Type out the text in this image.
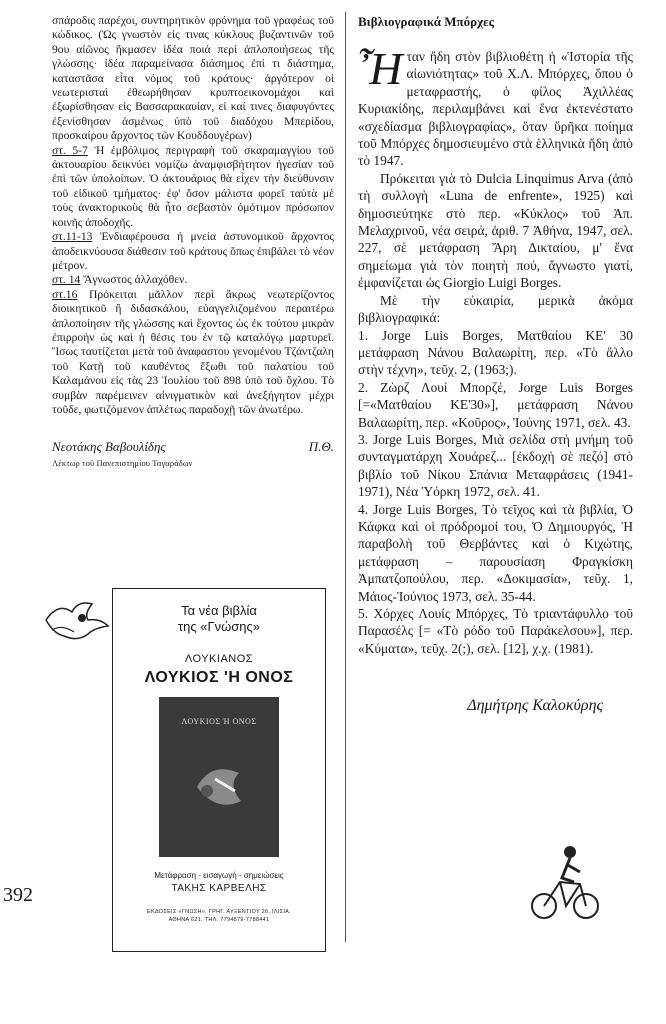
σπάροδις παρέχοι, συντηρητικὸν φρόνημα τοῦ γραφέως τοῦ κώδικος. (Ὡς γνωστὸν εἰς τινας κύκλους βυζαντινῶν τοῦ 9ου αἰῶνος ἤκμασεν ἰδέα ποιά περὶ ἀπλοποιήσεως τῆς γλώσσης· ἰδέα παραμείνασα διάσημος ἐπί τι διάστημα, καταστᾶσα εἶτα νόμος τοῦ κράτους· ἀργότερον οἱ νεωτερισταὶ ἐθεωρήθησαν κρυπτοεικονομάχοι καὶ ἐξωρίσθησαν εἰς Βασσαρακαυίαν, εἰ καί τινες διαφυγόντες ἐξενίσθησαν ἀσμένως ὑπὸ τοῦ διαδόχου Μπερίδου, προσκαίρου ἄρχοντος τῶν Κουδδουγέρων)

στ. 5-7 Ἡ ἐμβόλιμος περιγραφὴ τοῦ σκαραμαγγίου τοῦ ἀκτουαρίου δεικνύει νομίζω ἀναμφισβήτητον ἠγεσίαν τοῦ ἐπὶ τῶν ὑπολοίπων. Ὁ ἀκτουάριος θὰ εἶχεν τὴν διεύθυνσιν τοῦ εἰδικοῦ τμήματος· ἐφ' ὅσον μάλιστα φορεῖ ταὐτὰ μὲ τοὺς ἀνακτορικοὺς θὰ ἦτο σεβαστὸν ὁμότιμον πρόσωπον κοινῆς ἀποδοχῆς.

στ.11-13 Ἐνδιαφέρουσα ἡ μνεία ἀστυνομικοῦ ἄρχοντος ἀποδεικνύουσα διάθεσιν τοῦ κράτους ὅπως ἐπιβάλει τὸ νέον μέτρον.

στ. 14 Ἄγνωστος ἀλλαχόθεν.

στ.16 Πρόκειται μᾶλλον περὶ ἄκρως νεωτερίζοντος διοικητικοῦ ἢ διδασκάλου, εὐαγγελιζομένου περαιτέρω ἀπλοποίησιν τῆς γλώσσης καὶ ἔχοντος ὡς ἐκ τούτου μικρὰν ἐπιρροὴν ὡς καὶ ἡ θέσις του ἐν τῷ καταλόγῳ μαρτυρεῖ. Ἴσως ταυτίζεται μετὰ τοῦ ἀναφαστου γενομένου Τζάντζαλη τοῦ Κατῇ τοῦ καυθέντος ἔξωθι τοῦ παλατίου τοῦ Καλαμάνου εἰς τὰς 23 Ἰουλίου τοῦ 898 ὑπὸ τοῦ ὄχλου. Τὸ συμβὰν παρέμεινεν αἰνιγματικὸν καὶ ἀνεξήγητον μέχρι τοῦδε, φωτιζόμενον ἀπλέτως παραδοχῇ τῶν ἀνωτέρω.

Νεοτάκης Βαβουλίδης	Π.Θ.
Λέκτωρ τοῦ Πανεπιστημίου Ταγαράδων
Τα νέα βιβλία
της «Γνώσης»
ΛΟΥΚΙΑΝΟΣ
ΛΟΥΚΙΟΣ 'Η ΟΝΟΣ
ΛΟΥΚΙΟΣ Ή ΟΝΟΣ
Μετάφραση - εισαγωγή - σημειώσεις
ΤΑΚΗΣ ΚΑΡΒΕΛΗΣ
ΕΚΔΟΣΕΙΣ «ΓΝΩΣΗ», ΓΡΗΓ. ΑΥΞΕΝΤΙΟΥ 26, ΙΛΙΣΙΑ,
ΑΘΗΝΑ 621, ΤΗΛ. 7794879-7788441
392
Βιβλιογραφικά Μπόρχες

Ἦταν ἤδη στὸν βιβλιοθέτη ἡ «Ἱστορία τῆς αἰωνιότητας» τοῦ Χ.Λ. Μπόρχες, ὅπου ὁ μεταφραστής, ὁ φίλος Ἀχιλλέας Κυριακίδης, περιλαμβάνει καὶ ἕνα ἐκτενέστατο «σχεδίασμα βιβλιογραφίας», ὅταν ὕρῆκα ποίημα τοῦ Μπόρχες δημοσιευμένο στὰ ἑλληνικὰ ἤδη ἀπὸ τὸ 1947.

Πρόκειται γιὰ τὸ Dulcia Linquimus Arva (ἀπὸ τὴ συλλογὴ «Luna de enfrente», 1925) καὶ δημοσιεύτηκε στὸ περ. «Κύκλος» τοῦ Ἀπ. Μελαχρινοῦ, νέα σειρά, ἀριθ. 7 Ἀθήνα, 1947, σελ. 227, σὲ μετάφραση Ἄρη Δικταίου, μ' ἕνα σημείωμα γιὰ τὸν ποιητὴ πού, ἄγνωστο γιατί, ἐμφανίζεται ὡς Giorgio Luigi Borges.

Μὲ τὴν εὐκαιρία, μερικὰ ἀκόμα βιβλιογραφικά:

1. Jorge Luis Borges, Ματθαίου ΚΕ' 30 μετάφραση Νάνου Βαλαωρίτη, περ. «Τὸ ἄλλο στὴν τέχνη», τεῦχ. 2, (1963;).

2. Ζὼρζ Λουί Μπορζέ, Jorge Luis Borges [=«Ματθαίου ΚΕ'30»], μετάφραση Νάνου Βαλαωρίτη, περ. «Κοῦρος», Ἰούνης 1971, σελ. 43.

3. Jorge Luis Borges, Μιὰ σελίδα στὴ μνήμη τοῦ συνταγματάρχη Χουάρεζ... [ἐκδοχὴ σὲ πεζό] στὸ βιβλίο τοῦ Νίκου Σπάνια Μεταφράσεις (1941-1971), Νέα Ὑόρκη 1972, σελ. 41.

4. Jorge Luis Borges, Τὸ τεῖχος καὶ τὰ βιβλία, Ὁ Κάφκα καὶ οἱ πρόδρομοί του, Ὁ Δημιουργός, Ἡ παραβολὴ τοῦ Θερβάντες καὶ ὁ Κιχώτης, μετάφραση – παρουσίαση Φραγκίσκη Ἀμπατζοπούλου, περ. «Δοκιμασία», τεῦχ. 1, Μάιος-Ἰούνιος 1973, σελ. 35-44.

5. Χόρχες Λουίς Μπόρχες, Τὸ τριαντάφυλλο τοῦ Παρασέλς [= «Τὸ ρόδο τοῦ Παράκελσου»], περ. «Κύματα», τεῦχ. 2(;), σελ. [12], χ.χ. (1981).

Δημήτρης Καλοκύρης
